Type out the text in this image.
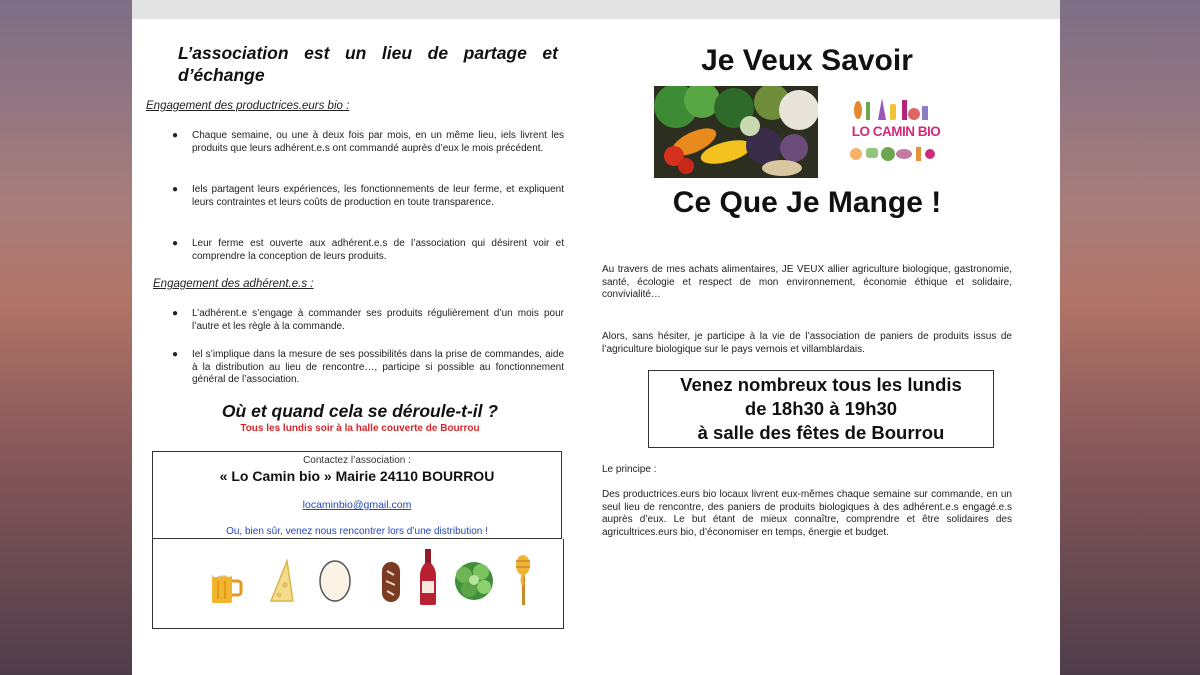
L’association est un lieu de partage et d’échange
Engagement des productrices.eurs bio :
● Chaque semaine, ou une à deux fois par mois, en un même lieu, iels livrent les produits que leurs adhérent.e.s ont commandé auprès d’eux le mois précédent.
● Iels partagent leurs expériences, les fonctionnements de leur ferme, et expliquent leurs contraintes et leurs coûts de production en toute transparence.
● Leur ferme est ouverte aux adhérent.e.s de l’association qui désirent voir et comprendre la conception de leurs produits.
Engagement des adhérent.e.s :
● L’adhérent.e s’engage à commander ses produits régulièrement d’un mois pour l’autre et les règle à la commande.
● Iel s’implique dans la mesure de ses possibilités dans la prise de commandes, aide à la distribution au lieu de rencontre…, participe si possible au fonctionnement général de l’association.
Où et quand cela se déroule-t-il ?
Tous les lundis soir à la halle couverte de Bourrou
Contactez l’association :
« Lo Camin bio » Mairie 24110 BOURROU
locaminbio@gmail.com
Ou, bien sûr, venez nous rencontrer lors d’une distribution !
Je Veux Savoir
LO CAMIN BIO
Ce Que Je Mange !
Au travers de mes achats alimentaires, JE VEUX allier agriculture biologique, gastronomie, santé, écologie et respect de mon environnement, économie éthique et solidaire, convivialité…
Alors, sans hésiter, je participe à la vie de l’association de paniers de produits issus de l’agriculture biologique sur le pays vernois et villamblardais.
Venez nombreux tous les lundis
de 18h30 à 19h30
à salle des fêtes de Bourrou
Le principe :
Des productrices.eurs bio locaux livrent eux-mêmes chaque semaine sur commande, en un seul lieu de rencontre, des paniers de produits biologiques à des adhérent.e.s engagé.e.s auprès d’eux. Le but étant de mieux connaître, comprendre et être solidaires des agricultrices.eurs bio, d’économiser en temps, énergie et budget.
